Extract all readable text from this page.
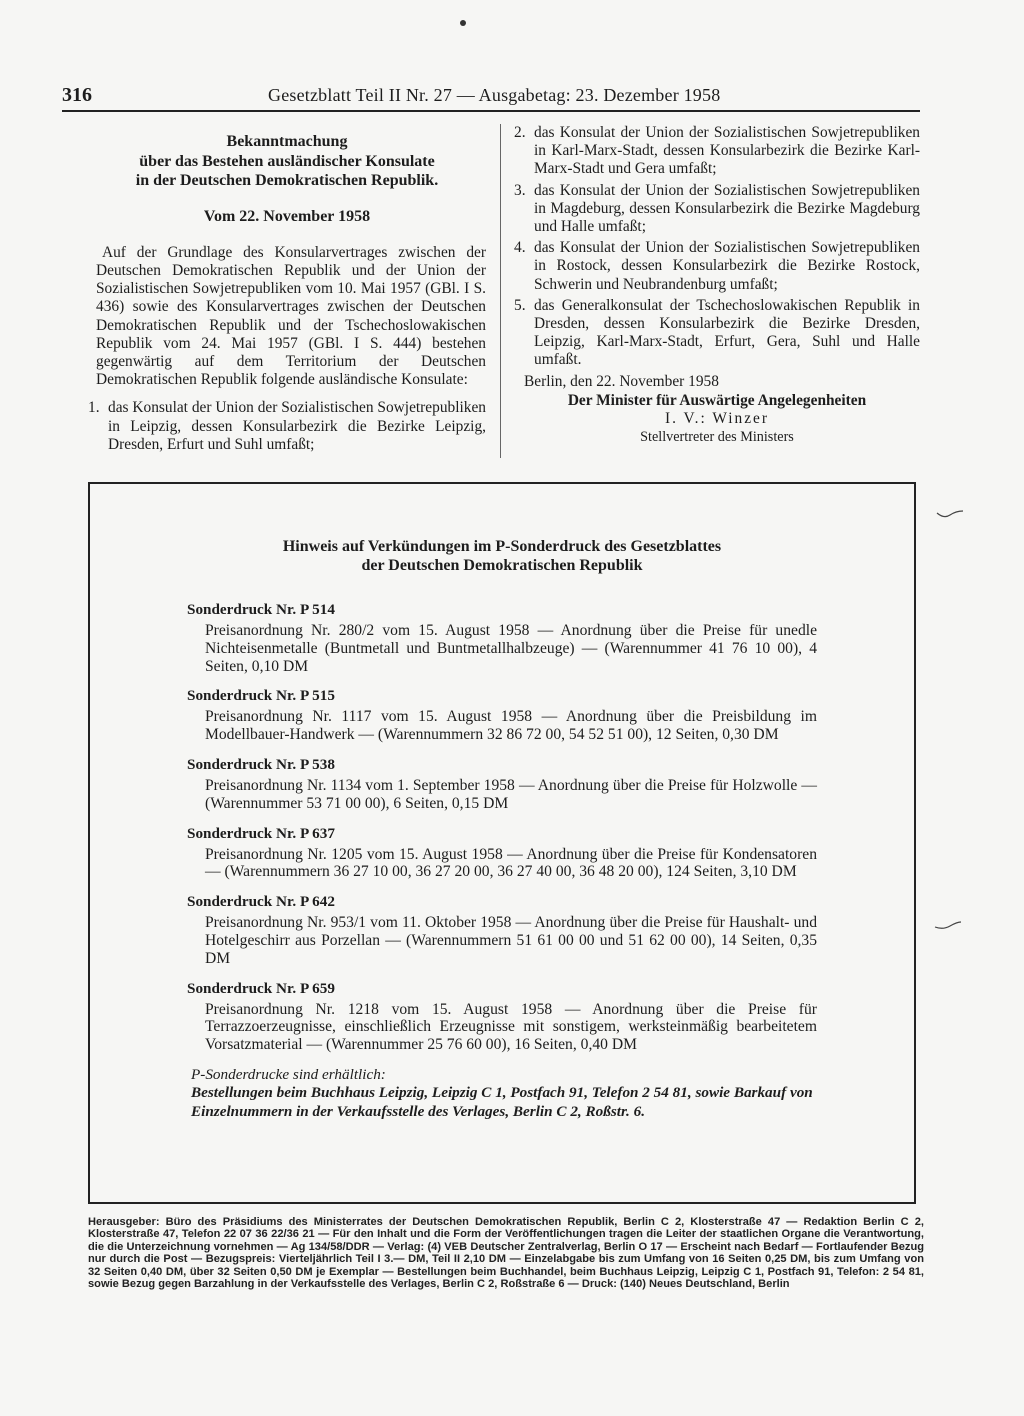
316	Gesetzblatt Teil II Nr. 27 — Ausgabetag: 23. Dezember 1958
Bekanntmachung
über das Bestehen ausländischer Konsulate
in der Deutschen Demokratischen Republik.
Vom 22. November 1958
Auf der Grundlage des Konsularvertrages zwischen der Deutschen Demokratischen Republik und der Union der Sozialistischen Sowjetrepubliken vom 10. Mai 1957 (GBl. I S. 436) sowie des Konsularvertrages zwischen der Deutschen Demokratischen Republik und der Tschechoslowakischen Republik vom 24. Mai 1957 (GBl. I S. 444) bestehen gegenwärtig auf dem Territorium der Deutschen Demokratischen Republik folgende ausländische Konsulate:
1. das Konsulat der Union der Sozialistischen Sowjetrepubliken in Leipzig, dessen Konsularbezirk die Bezirke Leipzig, Dresden, Erfurt und Suhl umfaßt;
2. das Konsulat der Union der Sozialistischen Sowjetrepubliken in Karl-Marx-Stadt, dessen Konsularbezirk die Bezirke Karl-Marx-Stadt und Gera umfaßt;
3. das Konsulat der Union der Sozialistischen Sowjetrepubliken in Magdeburg, dessen Konsularbezirk die Bezirke Magdeburg und Halle umfaßt;
4. das Konsulat der Union der Sozialistischen Sowjetrepubliken in Rostock, dessen Konsularbezirk die Bezirke Rostock, Schwerin und Neubrandenburg umfaßt;
5. das Generalkonsulat der Tschechoslowakischen Republik in Dresden, dessen Konsularbezirk die Bezirke Dresden, Leipzig, Karl-Marx-Stadt, Erfurt, Gera, Suhl und Halle umfaßt.
Berlin, den 22. November 1958
Der Minister für Auswärtige Angelegenheiten
I. V.: Winzer
Stellvertreter des Ministers
Hinweis auf Verkündungen im P-Sonderdruck des Gesetzblattes
der Deutschen Demokratischen Republik
Sonderdruck Nr. P 514
Preisanordnung Nr. 280/2 vom 15. August 1958 — Anordnung über die Preise für unedle Nichteisenmetalle (Buntmetall und Buntmetallhalbzeuge) — (Warennummer 41 76 10 00), 4 Seiten, 0,10 DM
Sonderdruck Nr. P 515
Preisanordnung Nr. 1117 vom 15. August 1958 — Anordnung über die Preisbildung im Modellbauer-Handwerk — (Warennummern 32 86 72 00, 54 52 51 00), 12 Seiten, 0,30 DM
Sonderdruck Nr. P 538
Preisanordnung Nr. 1134 vom 1. September 1958 — Anordnung über die Preise für Holzwolle — (Warennummer 53 71 00 00), 6 Seiten, 0,15 DM
Sonderdruck Nr. P 637
Preisanordnung Nr. 1205 vom 15. August 1958 — Anordnung über die Preise für Kondensatoren — (Warennummern 36 27 10 00, 36 27 20 00, 36 27 40 00, 36 48 20 00), 124 Seiten, 3,10 DM
Sonderdruck Nr. P 642
Preisanordnung Nr. 953/1 vom 11. Oktober 1958 — Anordnung über die Preise für Haushalt- und Hotelgeschirr aus Porzellan — (Warennummern 51 61 00 00 und 51 62 00 00), 14 Seiten, 0,35 DM
Sonderdruck Nr. P 659
Preisanordnung Nr. 1218 vom 15. August 1958 — Anordnung über die Preise für Terrazzoerzeugnisse, einschließlich Erzeugnisse mit sonstigem, werksteinmäßig bearbeitetem Vorsatzmaterial — (Warennummer 25 76 60 00), 16 Seiten, 0,40 DM
P-Sonderdrucke sind erhältlich:
Bestellungen beim Buchhaus Leipzig, Leipzig C 1, Postfach 91, Telefon 2 54 81, sowie Barkauf von Einzelnummern in der Verkaufsstelle des Verlages, Berlin C 2, Roßstr. 6.
Herausgeber: Büro des Präsidiums des Ministerrates der Deutschen Demokratischen Republik, Berlin C 2, Klosterstraße 47 — Redaktion Berlin C 2, Klosterstraße 47, Telefon 22 07 36 22/36 21 — Für den Inhalt und die Form der Veröffentlichungen tragen die Leiter der staatlichen Organe die Verantwortung, die die Unterzeichnung vornehmen — Ag 134/58/DDR — Verlag: (4) VEB Deutscher Zentralverlag, Berlin O 17 — Erscheint nach Bedarf — Fortlaufender Bezug nur durch die Post — Bezugspreis: Vierteljährlich Teil I 3.— DM, Teil II 2,10 DM — Einzelabgabe bis zum Umfang von 16 Seiten 0,25 DM, bis zum Umfang von 32 Seiten 0,40 DM, über 32 Seiten 0,50 DM je Exemplar — Bestellungen beim Buchhandel, beim Buchhaus Leipzig, Leipzig C 1, Postfach 91, Telefon: 2 54 81, sowie Bezug gegen Barzahlung in der Verkaufsstelle des Verlages, Berlin C 2, Roßstraße 6 — Druck: (140) Neues Deutschland, Berlin
